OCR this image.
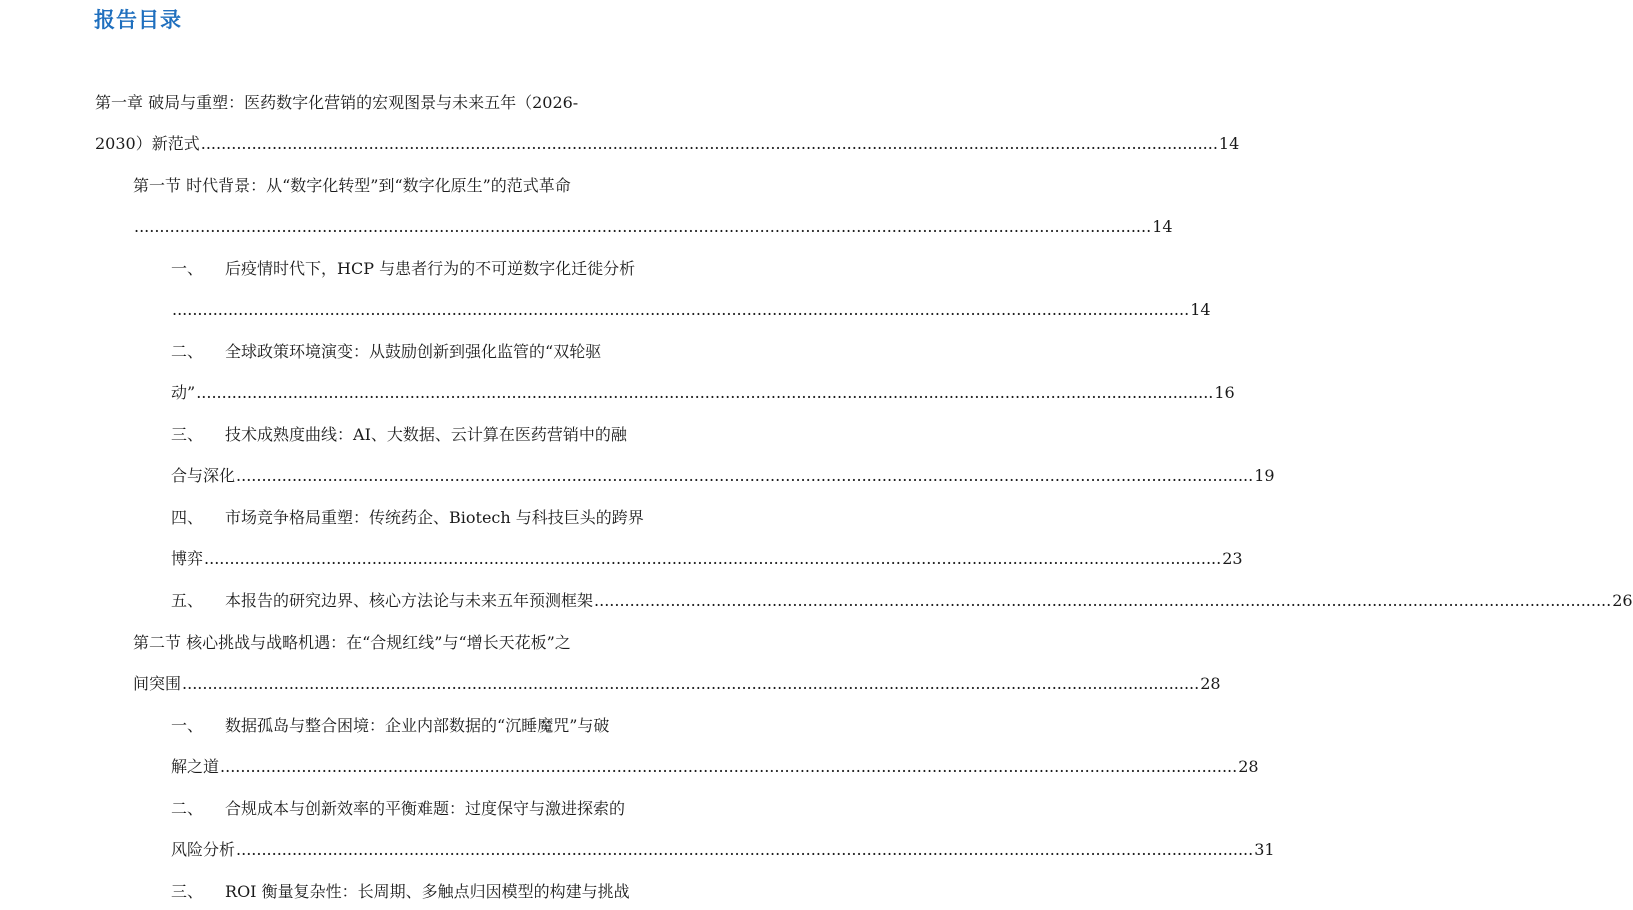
报告目录
第一章 破局与重塑：医药数字化营销的宏观图景与未来五年（2026-
2030）新范式 ........................................................................................................................................................................................................ 14
第一节 时代背景：从“数字化转型”到“数字化原生”的范式革命
........................................................................................................................................................................................................ 14
一、 后疫情时代下，HCP 与患者行为的不可逆数字化迁徙分析
........................................................................................................................................................................................................ 14
二、 全球政策环境演变：从鼓励创新到强化监管的“双轮驱
动” ........................................................................................................................................................................................................ 16
三、 技术成熟度曲线：AI、大数据、云计算在医药营销中的融
合与深化 ........................................................................................................................................................................................................ 19
四、 市场竞争格局重塑：传统药企、Biotech 与科技巨头的跨界
博弈 ........................................................................................................................................................................................................ 23
五、 本报告的研究边界、核心方法论与未来五年预测框架 ........................................................................................................................................................................................................ 26
第二节 核心挑战与战略机遇：在“合规红线”与“增长天花板”之
间突围 ........................................................................................................................................................................................................ 28
一、 数据孤岛与整合困境：企业内部数据的“沉睡魔咒”与破
解之道 ........................................................................................................................................................................................................ 28
二、 合规成本与创新效率的平衡难题：过度保守与激进探索的
风险分析 ........................................................................................................................................................................................................ 31
三、 ROI 衡量复杂性：长周期、多触点归因模型的构建与挑战
